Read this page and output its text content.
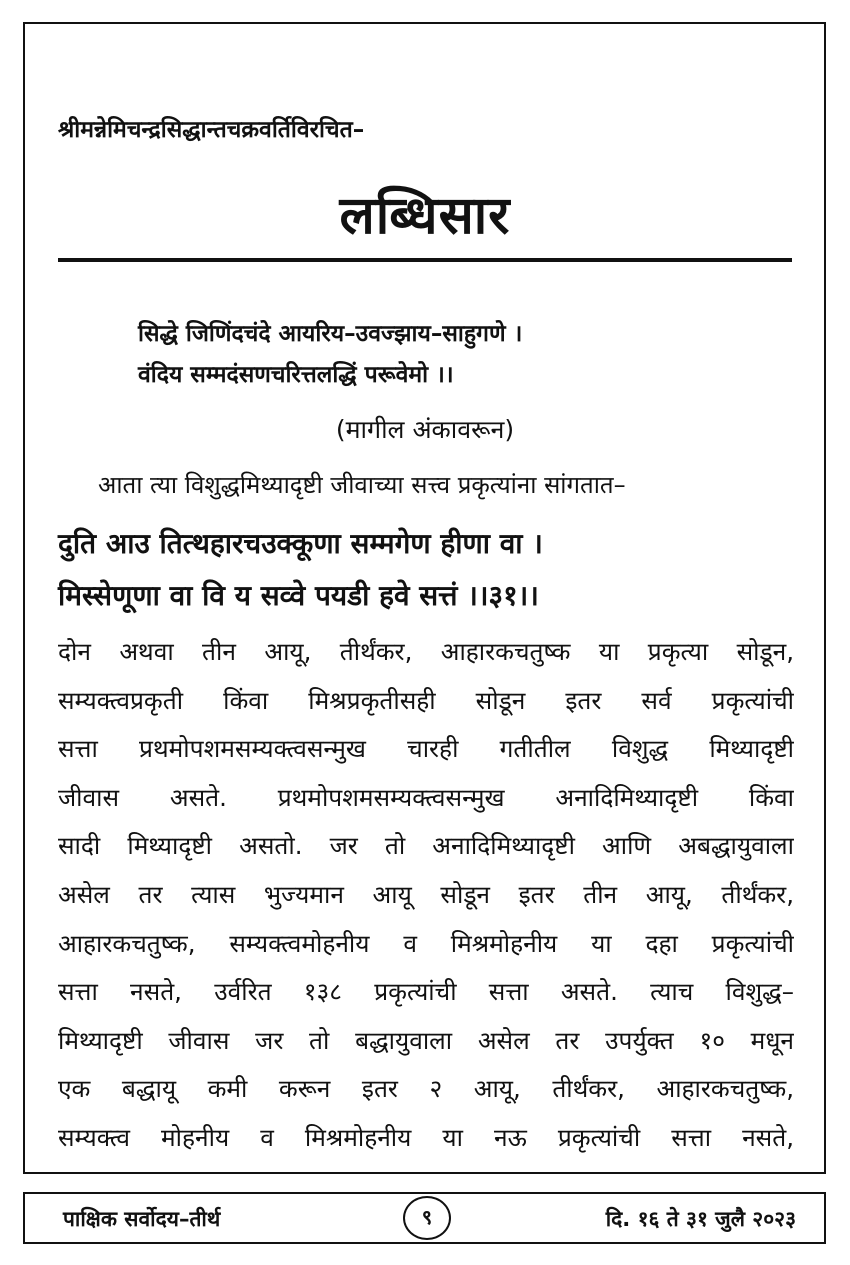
श्रीमन्नेमिचन्द्रसिद्धान्तचक्रवर्तिविरचित–
लब्धिसार
सिद्धे जिणिंदचंदे आयरिय–उवज्झाय–साहुगणे ।
वंदिय सम्मदंसणचरित्तलद्धिं परूवेमो ।।
(मागील अंकावरून)
आता त्या विशुद्धमिथ्यादृष्टी जीवाच्या सत्त्व प्रकृत्यांना सांगतात–
दुति आउ तित्थहारचउक्कूणा सम्मगेण हीणा वा ।
मिस्सेणूणा वा वि य सव्वे पयडी हवे सत्तं ।।३१।।
दोन अथवा तीन आयू, तीर्थंकर, आहारकचतुष्क या प्रकृत्या सोडून,
सम्यक्त्वप्रकृती किंवा मिश्रप्रकृतीसही सोडून इतर सर्व प्रकृत्यांची
सत्ता प्रथमोपशमसम्यक्त्वसन्मुख चारही गतीतील विशुद्ध मिथ्यादृष्टी
जीवास असते. प्रथमोपशमसम्यक्त्वसन्मुख अनादिमिथ्यादृष्टी किंवा
सादी मिथ्यादृष्टी असतो. जर तो अनादिमिथ्यादृष्टी आणि अबद्धायुवाला
असेल तर त्यास भुज्यमान आयू सोडून इतर तीन आयू, तीर्थंकर,
आहारकचतुष्क, सम्यक्त्वमोहनीय व मिश्रमोहनीय या दहा प्रकृत्यांची
सत्ता नसते, उर्वरित १३८ प्रकृत्यांची सत्ता असते. त्याच विशुद्ध–
मिथ्यादृष्टी जीवास जर तो बद्धायुवाला असेल तर उपर्युक्त १० मधून
एक बद्धायू कमी करून इतर २ आयू, तीर्थंकर, आहारकचतुष्क,
सम्यक्त्व मोहनीय व मिश्रमोहनीय या नऊ प्रकृत्यांची सत्ता नसते,
पाक्षिक सर्वोदय–तीर्थ	९	दि. १६ ते ३१ जुलै २०२३
